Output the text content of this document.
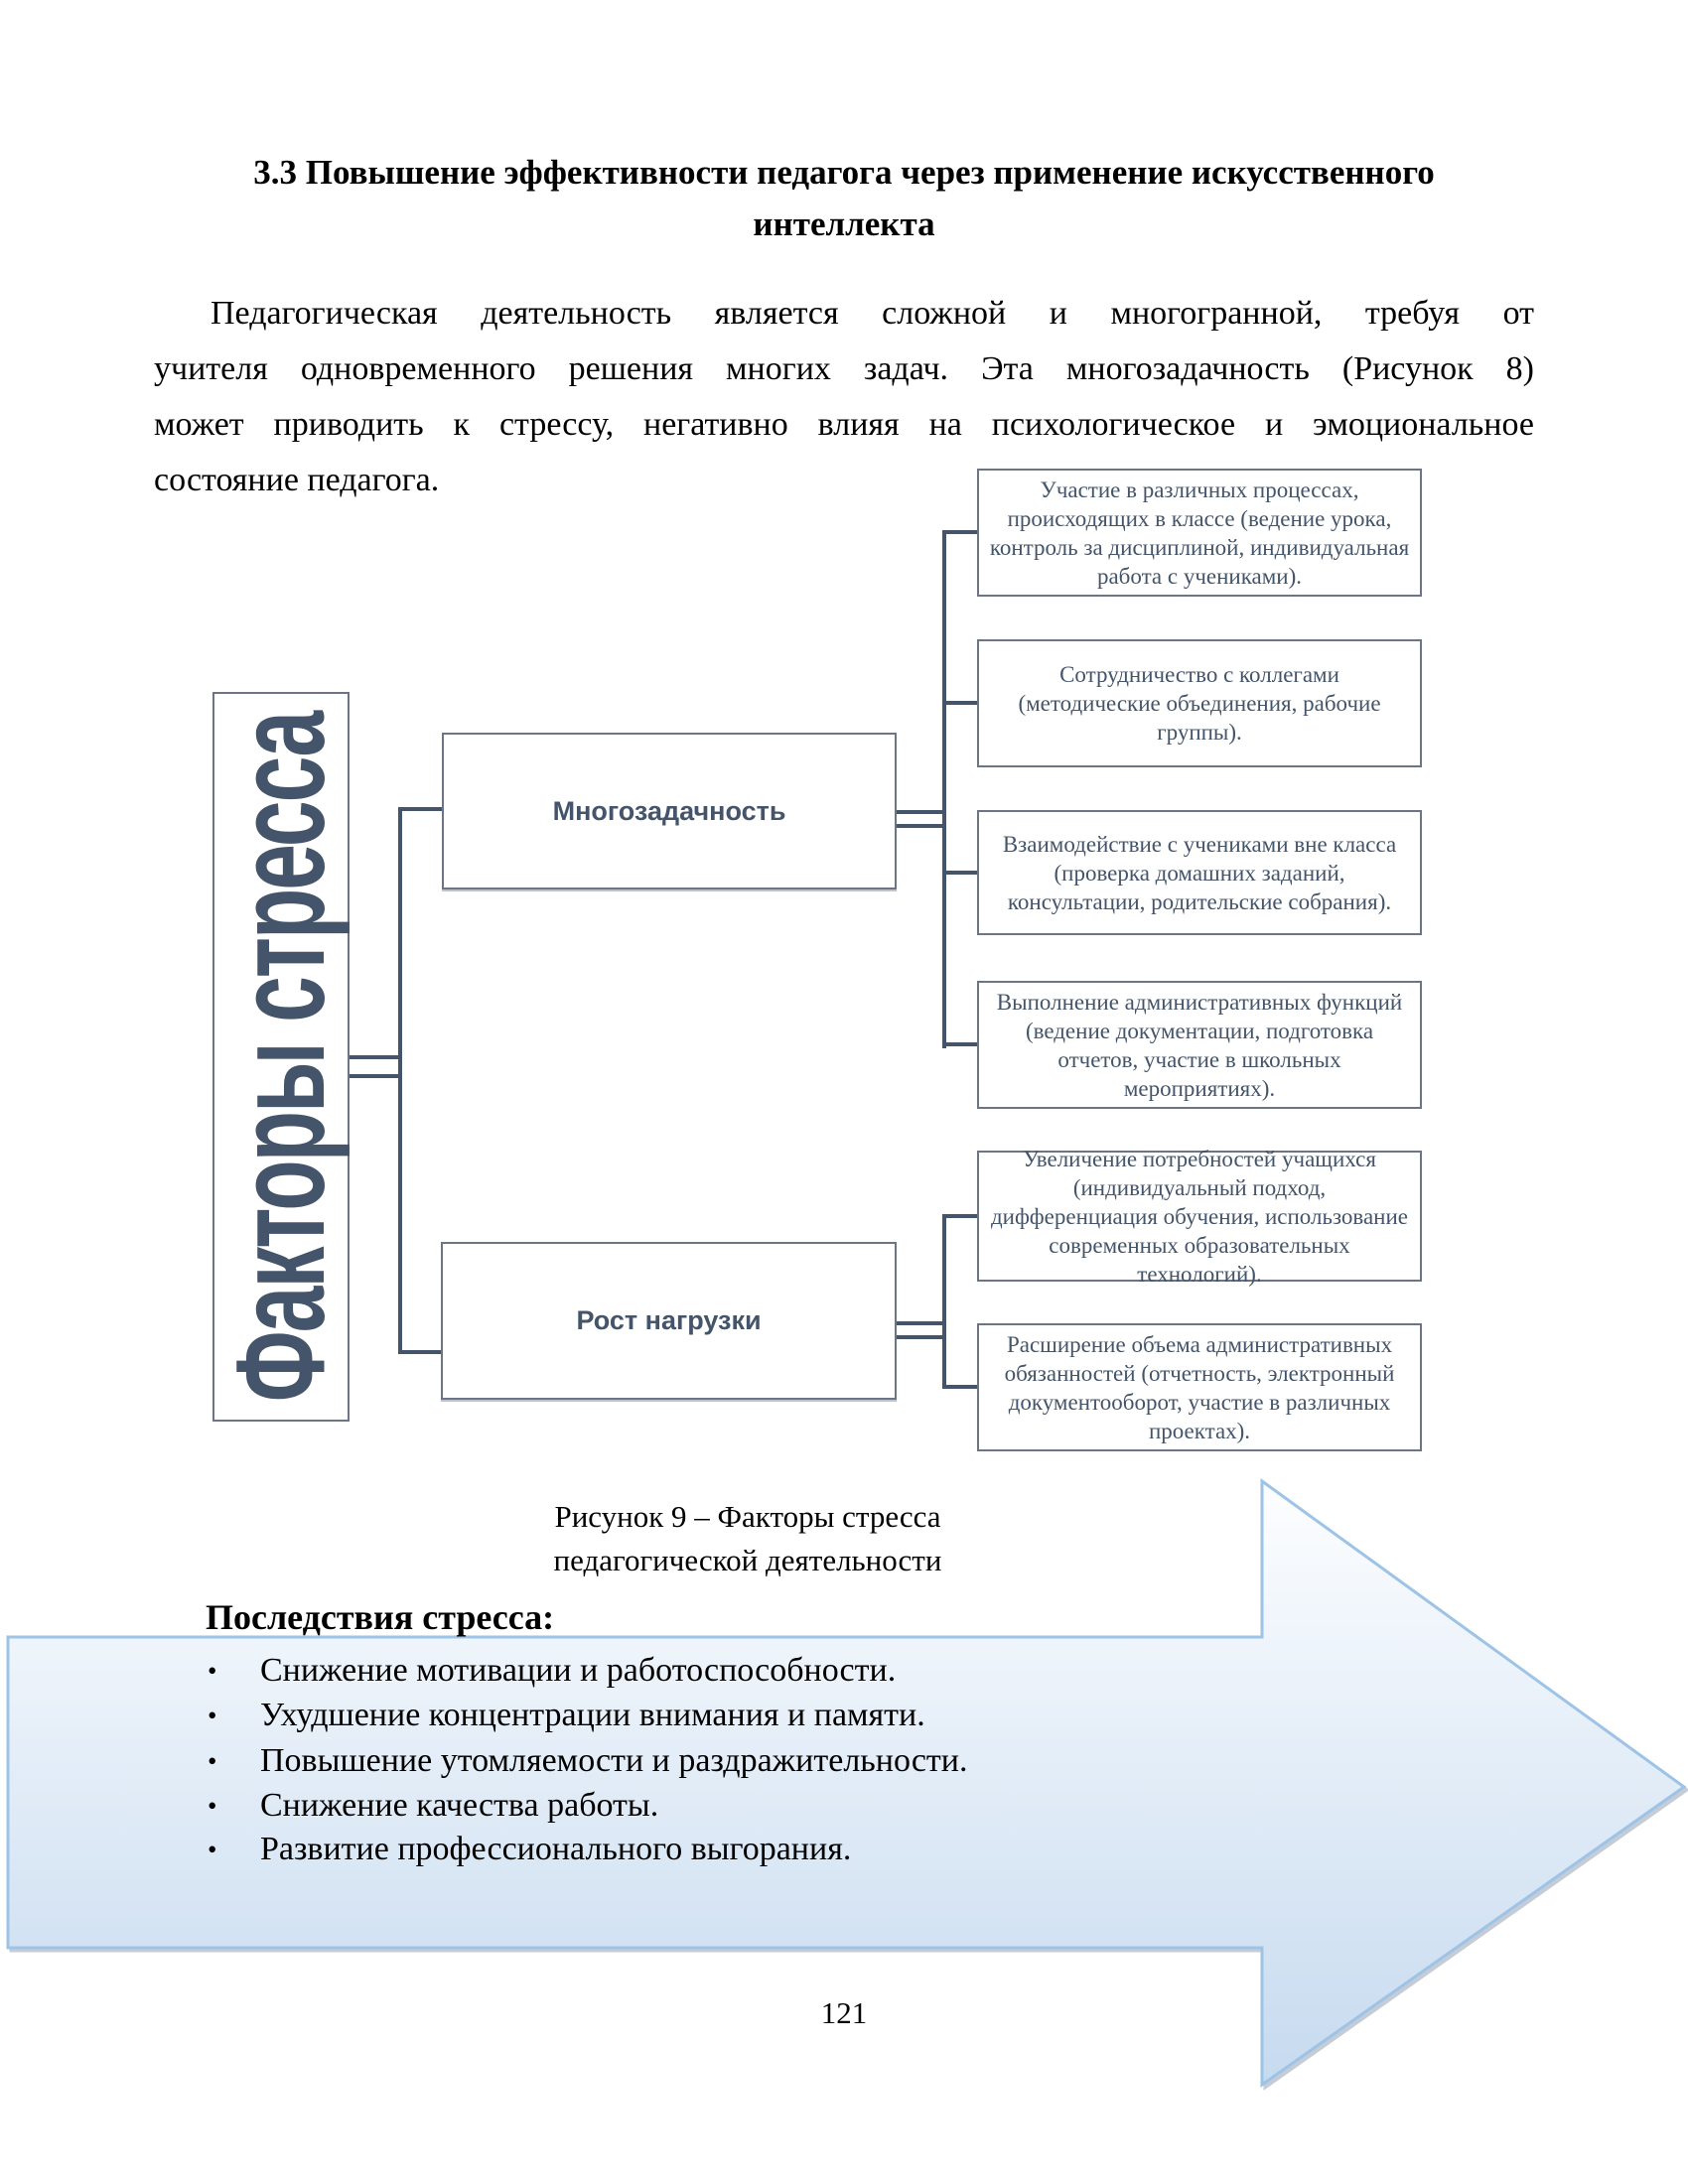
3.3 Повышение эффективности педагога через применение искусственного
интеллекта
Педагогическая деятельность является сложной и многогранной, требуя от
учителя одновременного решения многих задач. Эта многозадачность (Рисунок 8)
может приводить к стрессу, негативно влияя на психологическое и эмоциональное
состояние педагога.
Факторы стресса	Многозадачность
Рост нагрузки
Участие в различных процессах, происходящих в классе (ведение урока, контроль за дисциплиной, индивидуальная работа с учениками).
Сотрудничество с коллегами (методические объединения, рабочие группы).
Взаимодействие с учениками вне класса (проверка домашних заданий, консультации, родительские собрания).
Выполнение административных функций (ведение документации, подготовка отчетов, участие в школьных мероприятиях).
Увеличение потребностей учащихся (индивидуальный подход, дифференциация обучения, использование современных образовательных технологий).
Расширение объема административных обязанностей (отчетность, электронный документооборот, участие в различных проектах).
Рисунок 9 – Факторы стресса
педагогической деятельности
Последствия стресса:
•	Снижение мотивации и работоспособности.
•	Ухудшение концентрации внимания и памяти.
•	Повышение утомляемости и раздражительности.
•	Снижение качества работы.
•	Развитие профессионального выгорания.
121
